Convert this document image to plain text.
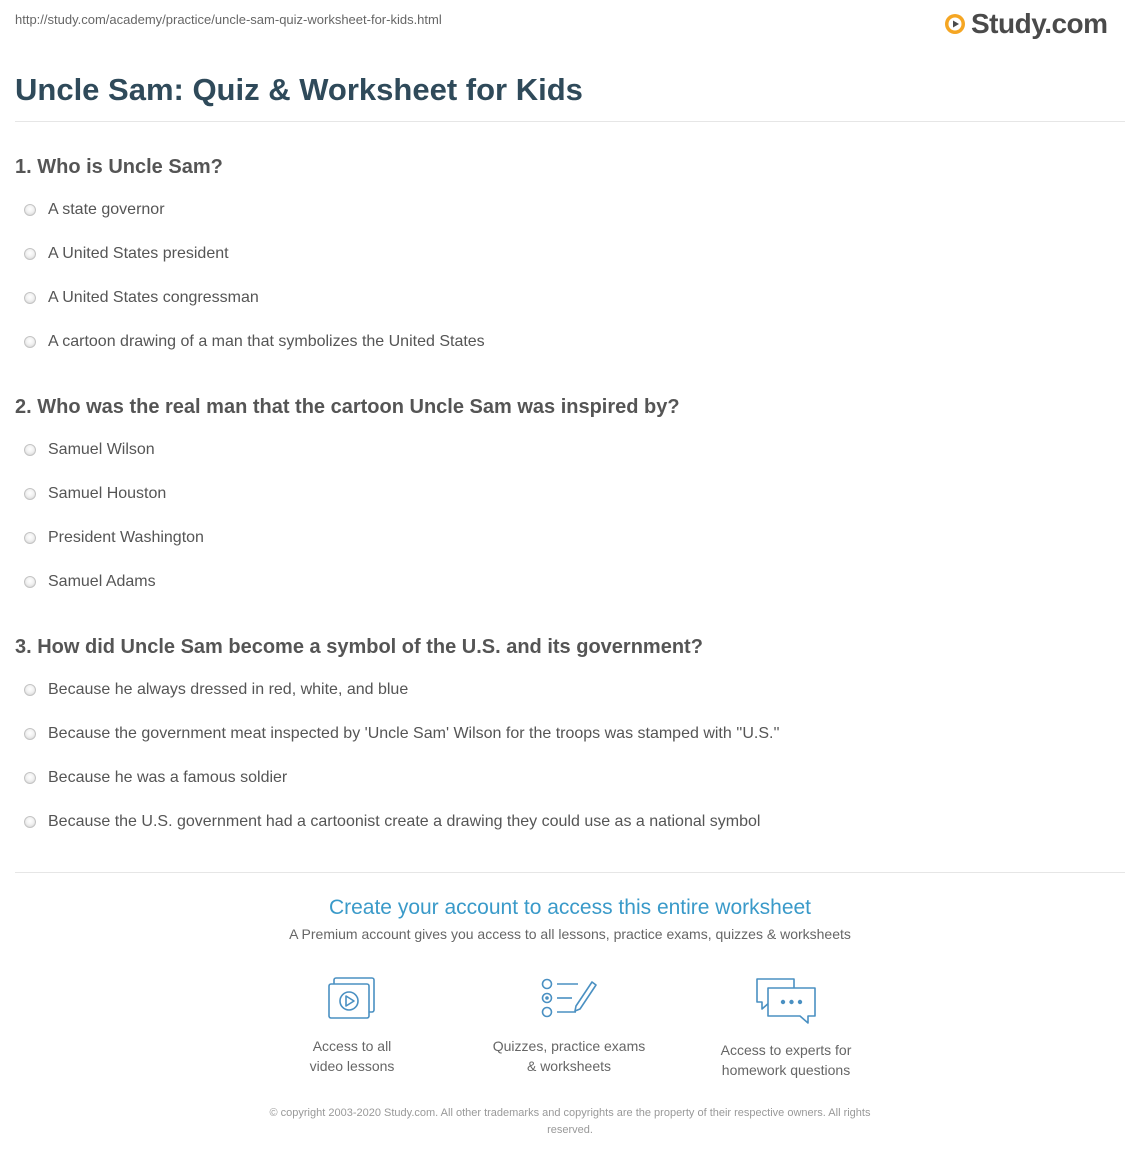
http://study.com/academy/practice/uncle-sam-quiz-worksheet-for-kids.html	Study.com
Uncle Sam: Quiz & Worksheet for Kids
1. Who is Uncle Sam?
A state governor
A United States president
A United States congressman
A cartoon drawing of a man that symbolizes the United States
2. Who was the real man that the cartoon Uncle Sam was inspired by?
Samuel Wilson
Samuel Houston
President Washington
Samuel Adams
3. How did Uncle Sam become a symbol of the U.S. and its government?
Because he always dressed in red, white, and blue
Because the government meat inspected by 'Uncle Sam' Wilson for the troops was stamped with ''U.S.''
Because he was a famous soldier
Because the U.S. government had a cartoonist create a drawing they could use as a national symbol
Create your account to access this entire worksheet
A Premium account gives you access to all lessons, practice exams, quizzes & worksheets
Access to all
video lessons
Quizzes, practice exams
& worksheets
Access to experts for
homework questions
© copyright 2003-2020 Study.com. All other trademarks and copyrights are the property of their respective owners. All rights
reserved.
